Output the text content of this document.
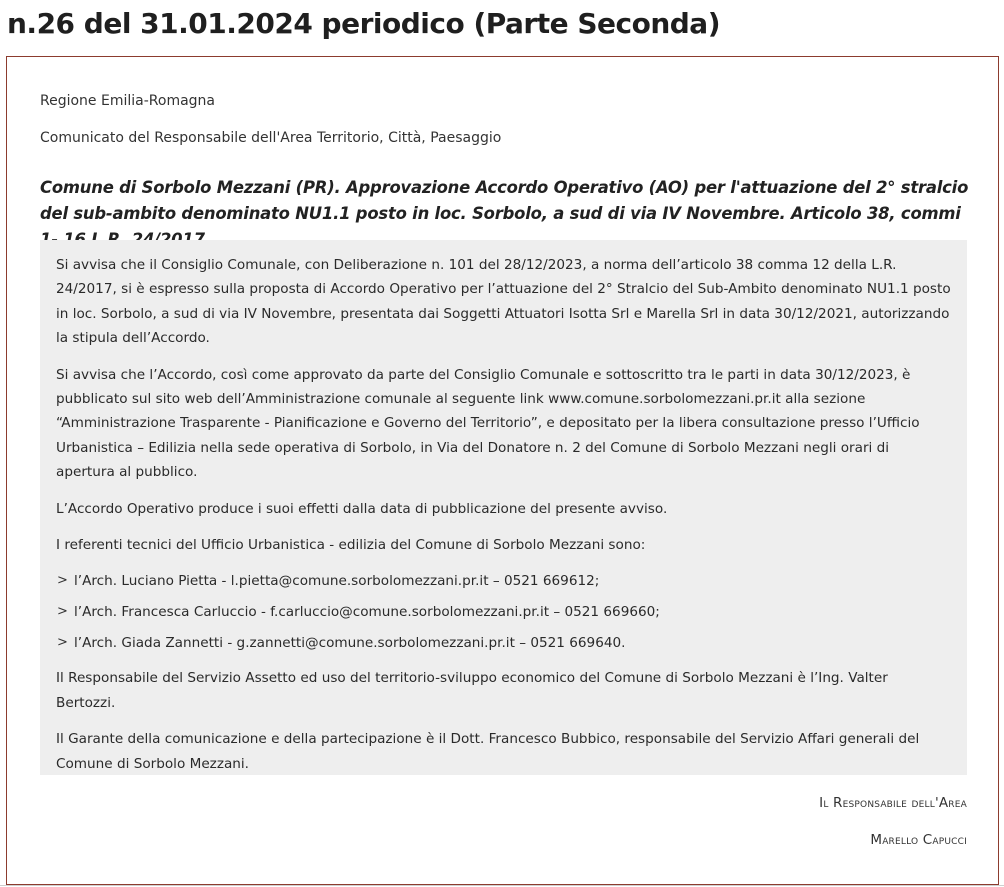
n.26 del 31.01.2024 periodico (Parte Seconda)
Regione Emilia-Romagna
Comunicato del Responsabile dell'Area Territorio, Città, Paesaggio
Comune di Sorbolo Mezzani (PR). Approvazione Accordo Operativo (AO) per l'attuazione del 2° stralcio del sub-ambito denominato NU1.1 posto in loc. Sorbolo, a sud di via IV Novembre. Articolo 38, commi

Si avvisa che il Consiglio Comunale, con Deliberazione n. 101 del 28/12/2023, a norma dell’articolo 38 comma 12 della L.R. 24/2017, si è espresso sulla proposta di Accordo Operativo per l’attuazione del 2° Stralcio del Sub-Ambito denominato NU1.1 posto in loc. Sorbolo, a sud di via IV Novembre, presentata dai Soggetti Attuatori Isotta Srl e Marella Srl in data 30/12/2021, autorizzando la stipula dell’Accordo.

Si avvisa che l’Accordo, così come approvato da parte del Consiglio Comunale e sottoscritto tra le parti in data 30/12/2023, è pubblicato sul sito web dell’Amministrazione comunale al seguente link www.comune.sorbolomezzani.pr.it alla sezione “Amministrazione Trasparente - Pianificazione e Governo del Territorio”, e depositato per la libera consultazione presso l’Ufficio Urbanistica – Edilizia nella sede operativa di Sorbolo, in Via del Donatore n. 2 del Comune di Sorbolo Mezzani negli orari di apertura al pubblico.

L’Accordo Operativo produce i suoi effetti dalla data di pubblicazione del presente avviso.

I referenti tecnici del Ufficio Urbanistica - edilizia del Comune di Sorbolo Mezzani sono:

> l’Arch. Luciano Pietta - l.pietta@comune.sorbolomezzani.pr.it – 0521 669612;
> l’Arch. Francesca Carluccio - f.carluccio@comune.sorbolomezzani.pr.it – 0521 669660;
> l’Arch. Giada Zannetti - g.zannetti@comune.sorbolomezzani.pr.it – 0521 669640.

Il Responsabile del Servizio Assetto ed uso del territorio-sviluppo economico del Comune di Sorbolo Mezzani è l’Ing. Valter Bertozzi.

Il Garante della comunicazione e della partecipazione è il Dott. Francesco Bubbico, responsabile del Servizio Affari generali del Comune di Sorbolo Mezzani.

Il Responsabile dell'Area
Marello Capucci
